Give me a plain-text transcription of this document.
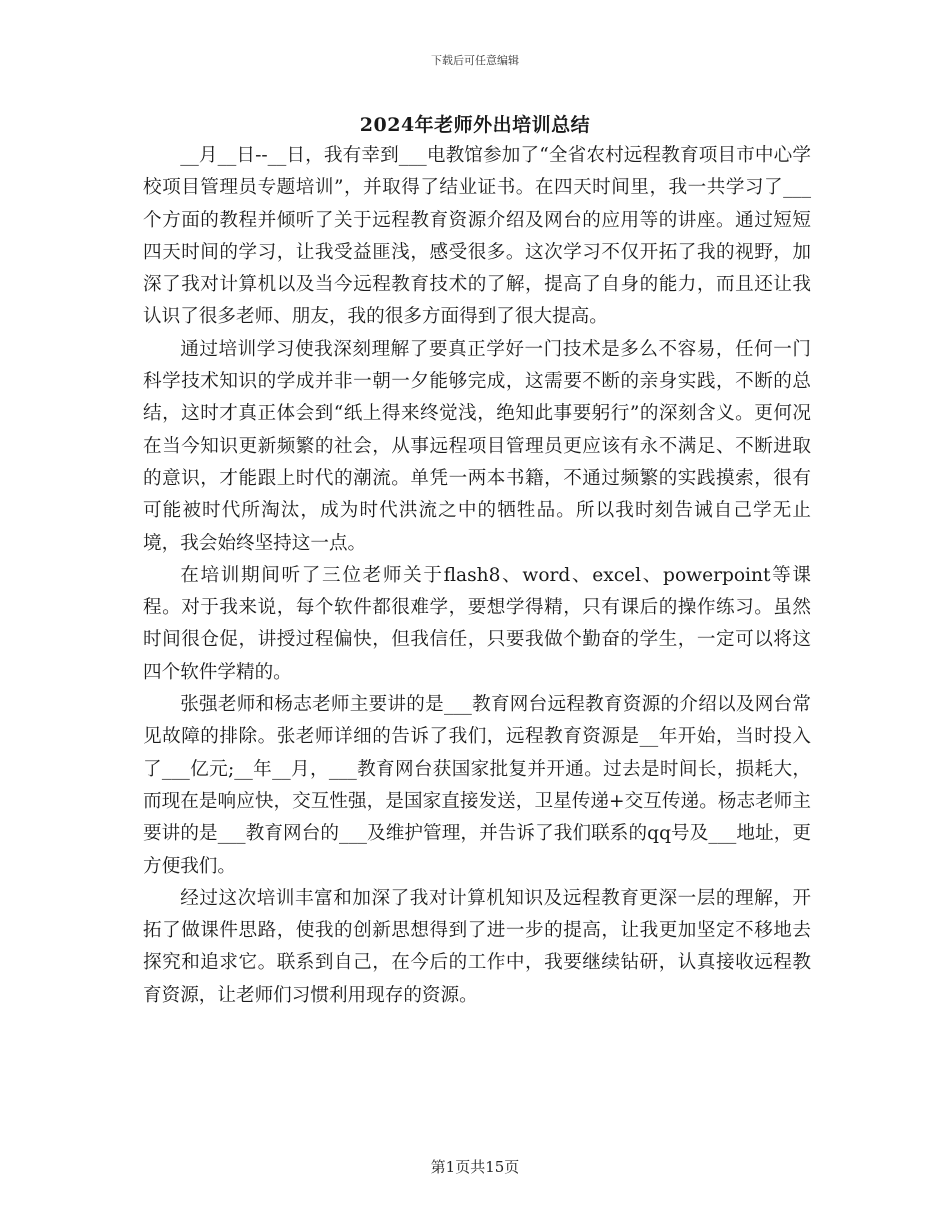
下载后可任意编辑
2024年老师外出培训总结

__月__日--__日，我有幸到___电教馆参加了“全省农村远程教育项目市中心学校项目管理员专题培训”，并取得了结业证书。在四天时间里，我一共学习了___个方面的教程并倾听了关于远程教育资源介绍及网台的应用等的讲座。通过短短四天时间的学习，让我受益匪浅，感受很多。这次学习不仅开拓了我的视野，加深了我对计算机以及当今远程教育技术的了解，提高了自身的能力，而且还让我认识了很多老师、朋友，我的很多方面得到了很大提高。

通过培训学习使我深刻理解了要真正学好一门技术是多么不容易，任何一门科学技术知识的学成并非一朝一夕能够完成，这需要不断的亲身实践，不断的总结，这时才真正体会到“纸上得来终觉浅，绝知此事要躬行”的深刻含义。更何况在当今知识更新频繁的社会，从事远程项目管理员更应该有永不满足、不断进取的意识，才能跟上时代的潮流。单凭一两本书籍，不通过频繁的实践摸索，很有可能被时代所淘汰，成为时代洪流之中的牺牲品。所以我时刻告诫自己学无止境，我会始终坚持这一点。

在培训期间听了三位老师关于flash8、word、excel、powerpoint等课程。对于我来说，每个软件都很难学，要想学得精，只有课后的操作练习。虽然时间很仓促，讲授过程偏快，但我信任，只要我做个勤奋的学生，一定可以将这四个软件学精的。

张强老师和杨志老师主要讲的是___教育网台远程教育资源的介绍以及网台常见故障的排除。张老师详细的告诉了我们，远程教育资源是__年开始，当时投入了___亿元;__年__月，___教育网台获国家批复并开通。过去是时间长，损耗大，而现在是响应快，交互性强，是国家直接发送，卫星传递+交互传递。杨志老师主要讲的是___教育网台的___及维护管理，并告诉了我们联系的qq号及___地址，更方便我们。

经过这次培训丰富和加深了我对计算机知识及远程教育更深一层的理解，开拓了做课件思路，使我的创新思想得到了进一步的提高，让我更加坚定不移地去探究和追求它。联系到自己，在今后的工作中，我要继续钻研，认真接收远程教育资源，让老师们习惯利用现存的资源。

第1页共15页
